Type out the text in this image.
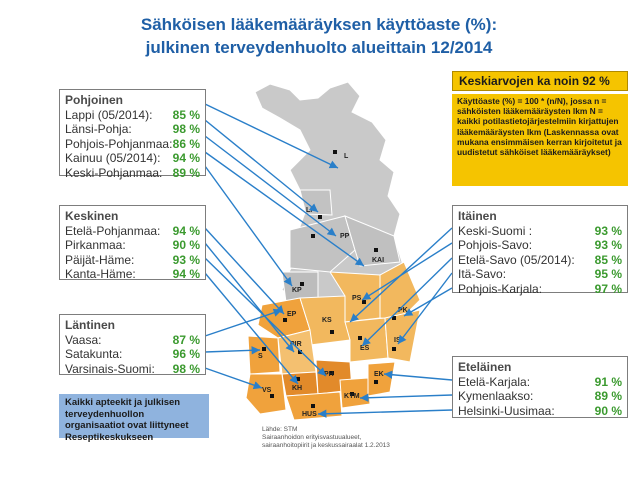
Sähköisen lääkemääräyksen käyttöaste (%):
julkinen terveydenhuolto alueittain 12/2014
L
LP
PP
KP
KAI
EP
PS
PK
KS
S
PIR
ES
IS
KH
PH
VS
EK
KYM
HUS
Pohjoinen
Lappi (05/2014): 85 %
Länsi-Pohja:	98 %
Pohjois-Pohjanmaa: 86 %
Kainuu (05/2014): 94 %
Keski-Pohjanmaa: 89 %
Keskinen
Etelä-Pohjanmaa: 94 %
Pirkanmaa:	90 %
Päijät-Häme:	93 %
Kanta-Häme:	94 %
Läntinen
Vaasa:	87 %
Satakunta:	96 %
Varsinais-Suomi: 98 %
Kaikki apteekit ja julkisen terveydenhuollon organisaatiot ovat liittyneet Reseptikeskukseen
Lähde: STM
Sairaanhoidon erityisvastuualueet,
sairaanhoitopiirit ja keskussairaalat 1.2.2013
Keskiarvojen ka noin 92 %
Käyttöaste (%) = 100 * (n/N), jossa n = sähköisten lääkemääräysten lkm N = kaikki potilastietojärjestelmiin kirjattujen lääkemääräysten lkm (Laskennassa ovat mukana ensimmäisen kerran kirjoitetut ja uudistetut sähköiset lääkemääräykset)
Itäinen
Keski-Suomi :	93 %
Pohjois-Savo:	93 %
Etelä-Savo (05/2014): 85 %
Itä-Savo:	95 %
Pohjois-Karjala:	97 %
Eteläinen
Etelä-Karjala:	91 %
Kymenlaakso:	89 %
Helsinki-Uusimaa:	90 %
